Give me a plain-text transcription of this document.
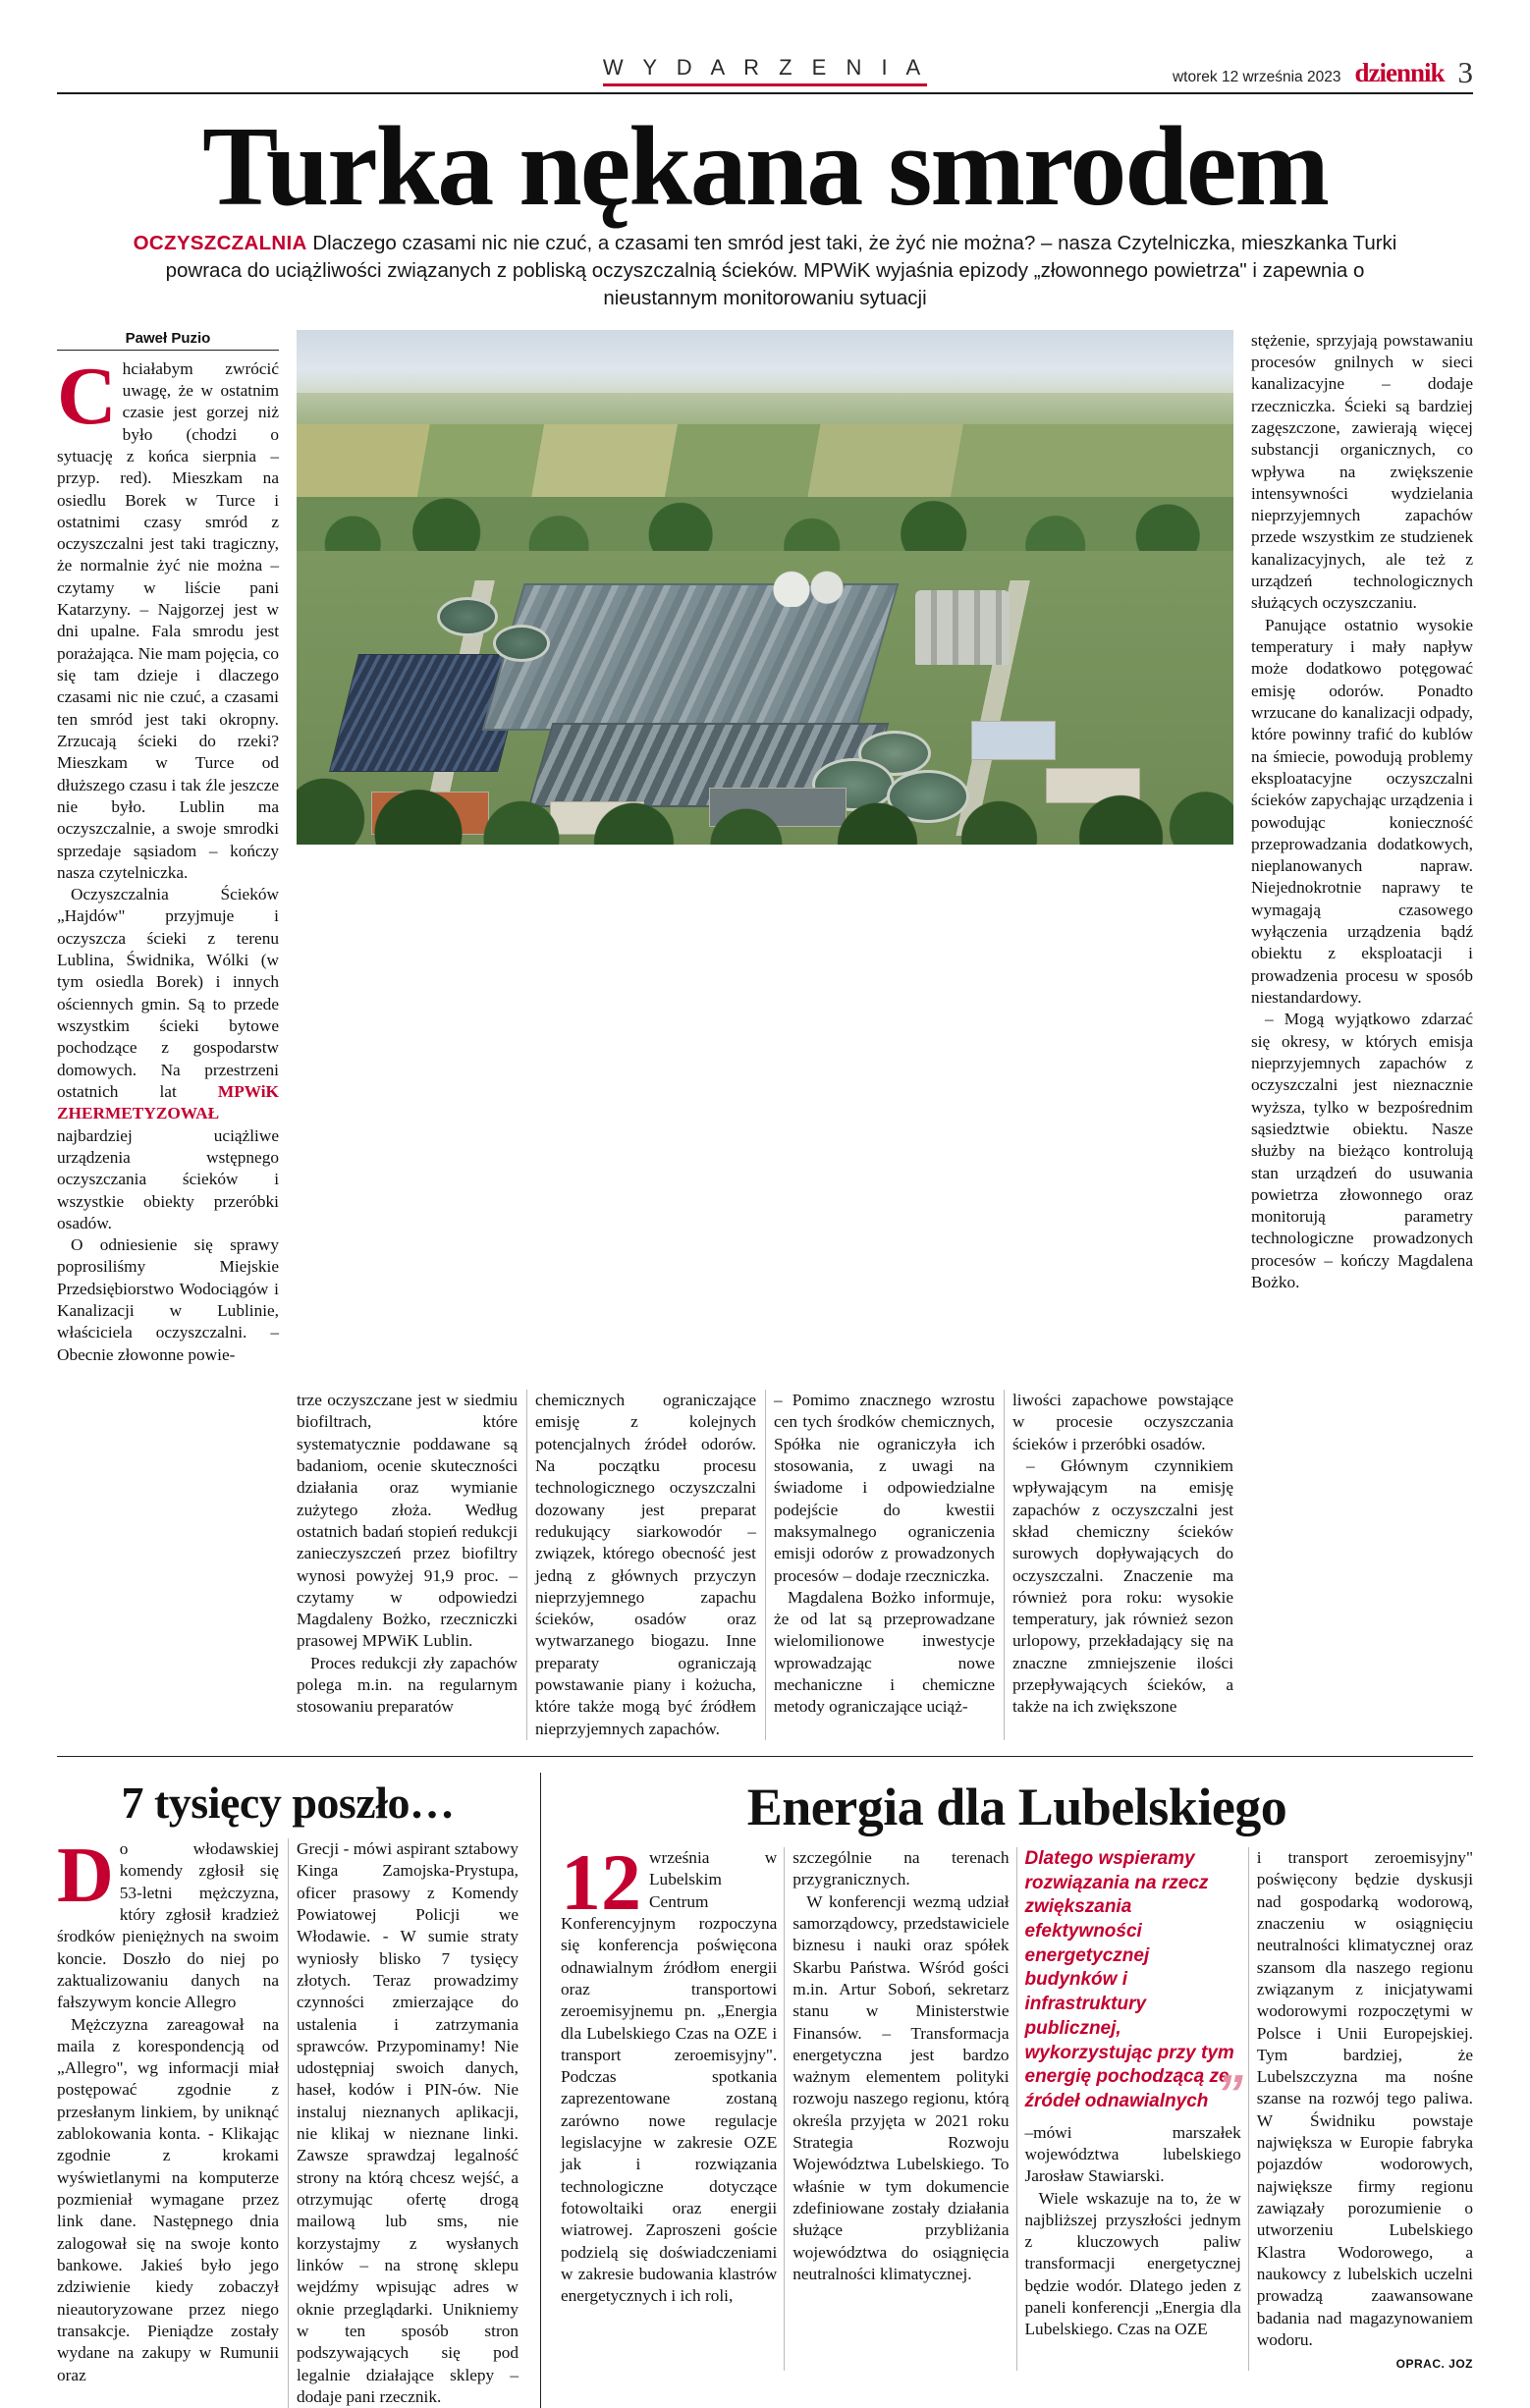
W Y D A R Z E N I A	wtorek 12 września 2023 dziennik 3
Turka nękana smrodem
OCZYSZCZALNIA Dlaczego czasami nic nie czuć, a czasami ten smród jest taki, że żyć nie można? – nasza Czytelniczka, mieszkanka Turki powraca do uciążliwości związanych z pobliską oczyszczalnią ścieków. MPWiK wyjaśnia epizody „złowonnego powietrza" i zapewnia o nieustannym monitorowaniu sytuacji
Paweł Puzio

Chciałabym zwrócić uwagę, że w ostatnim czasie jest gorzej niż było (chodzi o sytuację z końca sierpnia –przyp. red). Mieszkam na osiedlu Borek w Turce i ostatnimi czasy smród z oczyszczalni jest taki tragiczny, że normalnie żyć nie można – czytamy w liście pani Katarzyny. – Najgorzej jest w dni upalne. Fala smrodu jest porażająca. Nie mam pojęcia, co się tam dzieje i dlaczego czasami nic nie czuć, a czasami ten smród jest taki okropny. Zrzucają ścieki do rzeki? Mieszkam w Turce od dłuższego czasu i tak źle jeszcze nie było. Lublin ma oczyszczalnie, a swoje smrodki sprzedaje sąsiadom – kończy nasza czytelniczka.

Oczyszczalnia Ścieków „Hajdów" przyjmuje i oczyszcza ścieki z terenu Lublina, Świdnika, Wólki (w tym osiedla Borek) i innych ościennych gmin. Są to przede wszystkim ścieki bytowe pochodzące z gospodarstw domowych. Na przestrzeni ostatnich lat MPWiK ZHERMETYZOWAŁ najbardziej uciążliwe urządzenia wstępnego oczyszczania ścieków i wszystkie obiekty przeróbki osadów.

O odniesienie się sprawy poprosiliśmy Miejskie Przedsiębiorstwo Wodociągów i Kanalizacji w Lublinie, właściciela oczyszczalni. – Obecnie złowonne powie-

stężenie, sprzyjają powstawaniu procesów gnilnych w sieci kanalizacyjne – dodaje rzeczniczka. Ścieki są bardziej zagęszczone, zawierają więcej substancji organicznych, co wpływa na zwiększenie intensywności wydzielania nieprzyjemnych zapachów przede wszystkim ze studzienek kanalizacyjnych, ale też z urządzeń technologicznych służących oczyszczaniu.

Panujące ostatnio wysokie temperatury i mały napływ może dodatkowo potęgować emisję odorów. Ponadto wrzucane do kanalizacji odpady, które powinny trafić do kublów na śmiecie, powodują problemy eksploatacyjne oczyszczalni ścieków zapychając urządzenia i powodując konieczność przeprowadzania dodatkowych, nieplanowanych napraw. Niejednokrotnie naprawy te wymagają czasowego wyłączenia urządzenia bądź obiektu z eksploatacji i prowadzenia procesu w sposób niestandardowy.

– Mogą wyjątkowo zdarzać się okresy, w których emisja nieprzyjemnych zapachów z oczyszczalni jest nieznacznie wyższa, tylko w bezpośrednim sąsiedztwie obiektu. Nasze służby na bieżąco kontrolują stan urządzeń do usuwania powietrza złowonnego oraz monitorują parametry technologiczne prowadzonych procesów – kończy Magdalena Bożko.

trze oczyszczane jest w siedmiu biofiltrach, które systematycznie poddawane są badaniom, ocenie skuteczności działania oraz wymianie zużytego złoża. Według ostatnich badań stopień redukcji zanieczyszczeń przez biofiltry wynosi powyżej 91,9 proc. – czytamy w odpowiedzi Magdaleny Bożko, rzeczniczki prasowej MPWiK Lublin.

Proces redukcji zły zapachów polega m.in. na regularnym stosowaniu preparatów

chemicznych ograniczające emisję z kolejnych potencjalnych źródeł odorów. Na początku procesu technologicznego oczyszczalni dozowany jest preparat redukujący siarkowodór – związek, którego obecność jest jedną z głównych przyczyn nieprzyjemnego zapachu ścieków, osadów oraz wytwarzanego biogazu. Inne preparaty ograniczają powstawanie piany i kożucha, które także mogą być źródłem nieprzyjemnych zapachów.

– Pomimo znacznego wzrostu cen tych środków chemicznych, Spółka nie ograniczyła ich stosowania, z uwagi na świadome i odpowiedzialne podejście do kwestii maksymalnego ograniczenia emisji odorów z prowadzonych procesów – dodaje rzeczniczka.

Magdalena Bożko informuje, że od lat są przeprowadzane wielomilionowe inwestycje wprowadzając nowe mechaniczne i chemiczne metody ograniczające uciąż-

liwości zapachowe powstające w procesie oczyszczania ścieków i przeróbki osadów.

– Głównym czynnikiem wpływającym na emisję zapachów z oczyszczalni jest skład chemiczny ścieków surowych dopływających do oczyszczalni. Znaczenie ma również pora roku: wysokie temperatury, jak również sezon urlopowy, przekładający się na znaczne zmniejszenie ilości przepływających ścieków, a także na ich zwiększone

7 tysięcy poszło…

Do włodawskiej komendy zgłosił się 53-letni mężczyzna, który zgłosił kradzież środków pieniężnych na swoim koncie. Doszło do niej po zaktualizowaniu danych na fałszywym koncie Allegro

Mężczyzna zareagował na maila z korespondencją od „Allegro", wg informacji miał postępować zgodnie z przesłanym linkiem, by uniknąć zablokowania konta. - Klikając zgodnie z krokami wyświetlanymi na komputerze pozmieniał wymagane przez link dane. Następnego dnia zalogował się na swoje konto bankowe. Jakieś było jego zdziwienie kiedy zobaczył nieautoryzowane przez niego transakcje. Pieniądze zostały wydane na zakupy w Rumunii oraz

Grecji - mówi aspirant sztabowy Kinga Zamojska-Prystupa, oficer prasowy z Komendy Powiatowej Policji we Włodawie. - W sumie straty wyniosły blisko 7 tysięcy złotych. Teraz prowadzimy czynności zmierzające do ustalenia i zatrzymania sprawców. Przypominamy! Nie udostępniaj swoich danych, haseł, kodów i PIN-ów. Nie instaluj nieznanych aplikacji, nie klikaj w nieznane linki. Zawsze sprawdzaj legalność strony na którą chcesz wejść, a otrzymując ofertę drogą mailową lub sms, nie korzystajmy z wysłanych linków – na stronę sklepu wejdźmy wpisując adres w oknie przeglądarki. Unikniemy w ten sposób stron podszywających się pod legalnie działające sklepy – dodaje pani rzecznik.

Energia dla Lubelskiego

12 września w Lubelskim Centrum Konferencyjnym rozpoczyna się konferencja poświęcona odnawialnym źródłom energii oraz transportowi zeroemisyjnemu pn. „Energia dla Lubelskiego Czas na OZE i transport zeroemisyjny". Podczas spotkania zaprezentowane zostaną zarówno nowe regulacje legislacyjne w zakresie OZE jak i rozwiązania technologiczne dotyczące fotowoltaiki oraz energii wiatrowej. Zaproszeni goście podzielą się doświadczeniami w zakresie budowania klastrów energetycznych i ich roli,

szczególnie na terenach przygranicznych.

W konferencji wezmą udział samorządowcy, przedstawiciele biznesu i nauki oraz spółek Skarbu Państwa. Wśród gości m.in. Artur Soboń, sekretarz stanu w Ministerstwie Finansów. – Transformacja energetyczna jest bardzo ważnym elementem polityki rozwoju naszego regionu, którą określa przyjęta w 2021 roku Strategia Rozwoju Województwa Lubelskiego. To właśnie w tym dokumencie zdefiniowane zostały działania służące przybliżania województwa do osiągnięcia neutralności klimatycznej.

Dlatego wspieramy rozwiązania na rzecz zwiększania efektywności energetycznej budynków i infrastruktury publicznej, wykorzystując przy tym energię pochodzącą ze źródeł odnawialnych ”

–mówi marszałek województwa lubelskiego Jarosław Stawiarski.

Wiele wskazuje na to, że w najbliższej przyszłości jednym z kluczowych paliw transformacji energetycznej będzie wodór. Dlatego jeden z paneli konferencji „Energia dla Lubelskiego. Czas na OZE

i transport zeroemisyjny" poświęcony będzie dyskusji nad gospodarką wodorową, znaczeniu w osiągnięciu neutralności klimatycznej oraz szansom dla naszego regionu związanym z inicjatywami wodorowymi rozpoczętymi w Polsce i Unii Europejskiej. Tym bardziej, że Lubelszczyzna ma nośne szanse na rozwój tego paliwa. W Świdniku powstaje największa w Europie fabryka pojazdów wodorowych, największe firmy regionu zawiązały porozumienie o utworzeniu Lubelskiego Klastra Wodorowego, a naukowcy z lubelskich uczelni prowadzą zaawansowane badania nad magazynowaniem wodoru.

OPRAC. JOZ
